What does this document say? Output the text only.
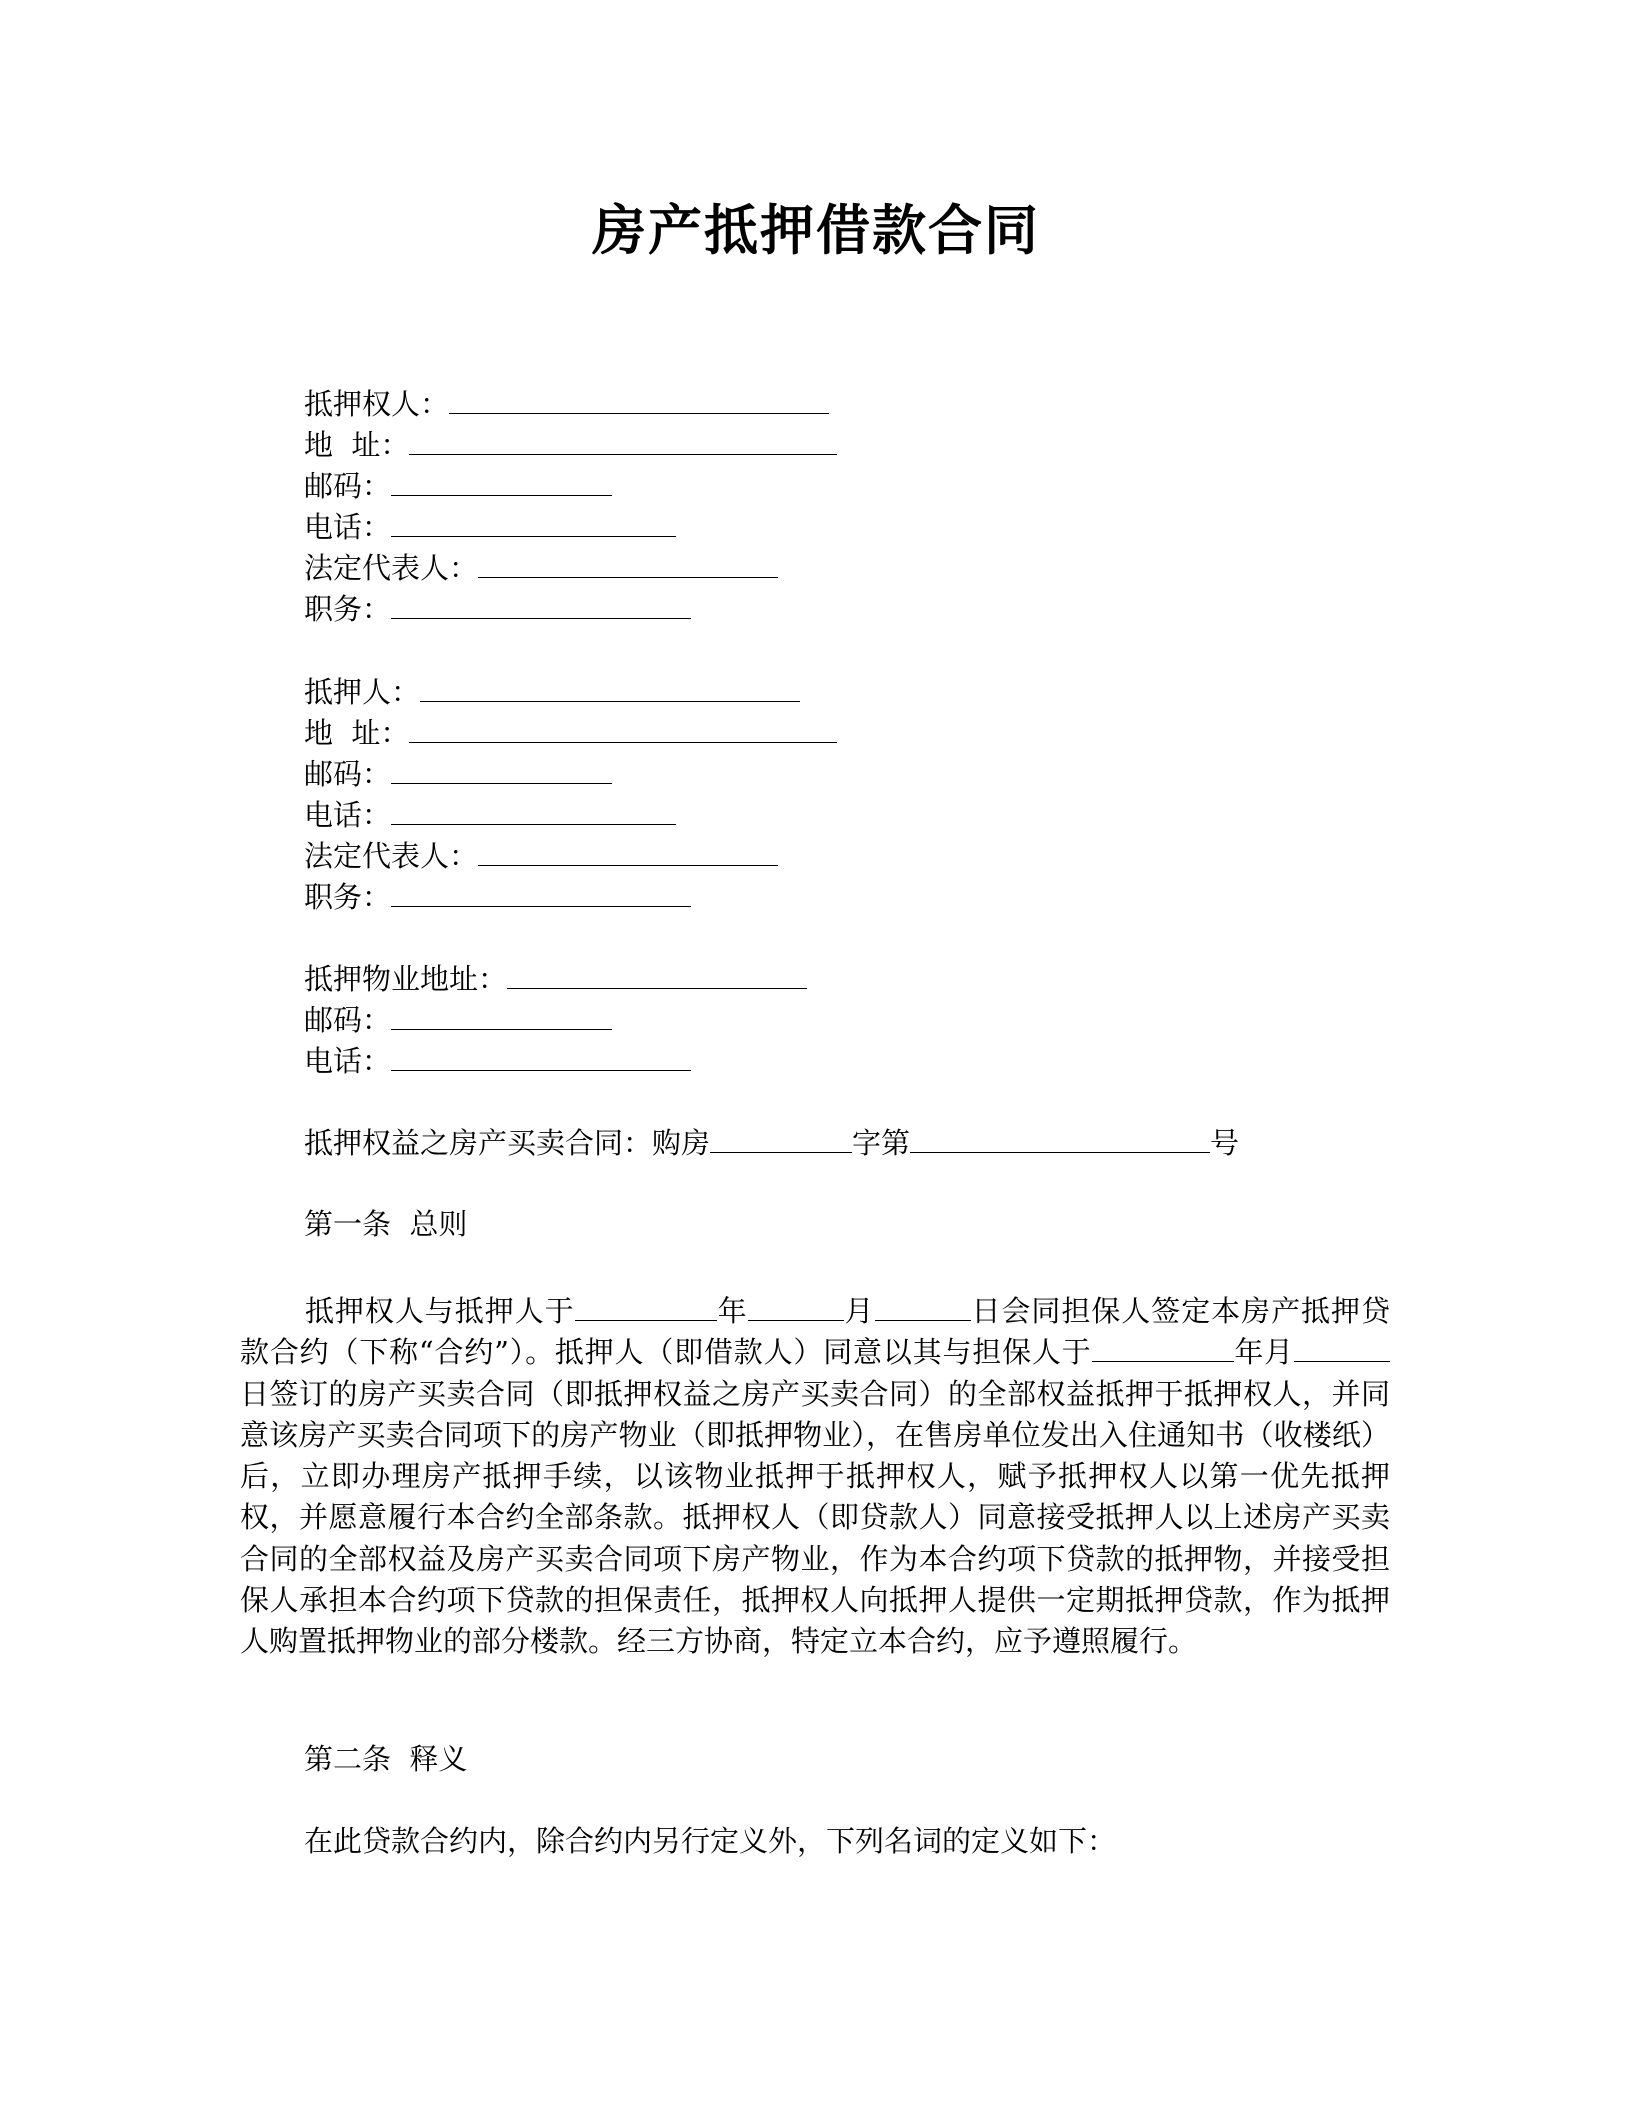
房产抵押借款合同
抵押权人：
地  址：
邮码：
电话：
法定代表人：
职务：
抵押人：
地  址：
邮码：
电话：
法定代表人：
职务：
抵押物业地址：
邮码：
电话：
抵押权益之房产买卖合同：购房	字第	号
第一条  总则
抵押权人与抵押人于	年	月	日会同担保人签定本房产抵押贷款合约（下称“合约”）。抵押人（即借款人）同意以其与担保人于	年月日签订的房产买卖合同（即抵押权益之房产买卖合同）的全部权益抵押于抵押权人，并同意该房产买卖合同项下的房产物业（即抵押物业），在售房单位发出入住通知书（收楼纸）后，立即办理房产抵押手续，以该物业抵押于抵押权人，赋予抵押权人以第一优先抵押权，并愿意履行本合约全部条款。抵押权人（即贷款人）同意接受抵押人以上述房产买卖合同的全部权益及房产买卖合同项下房产物业，作为本合约项下贷款的抵押物，并接受担保人承担本合约项下贷款的担保责任，抵押权人向抵押人提供一定期抵押贷款，作为抵押人购置抵押物业的部分楼款。经三方协商，特定立本合约，应予遵照履行。
第二条  释义
在此贷款合约内，除合约内另行定义外，下列名词的定义如下：
